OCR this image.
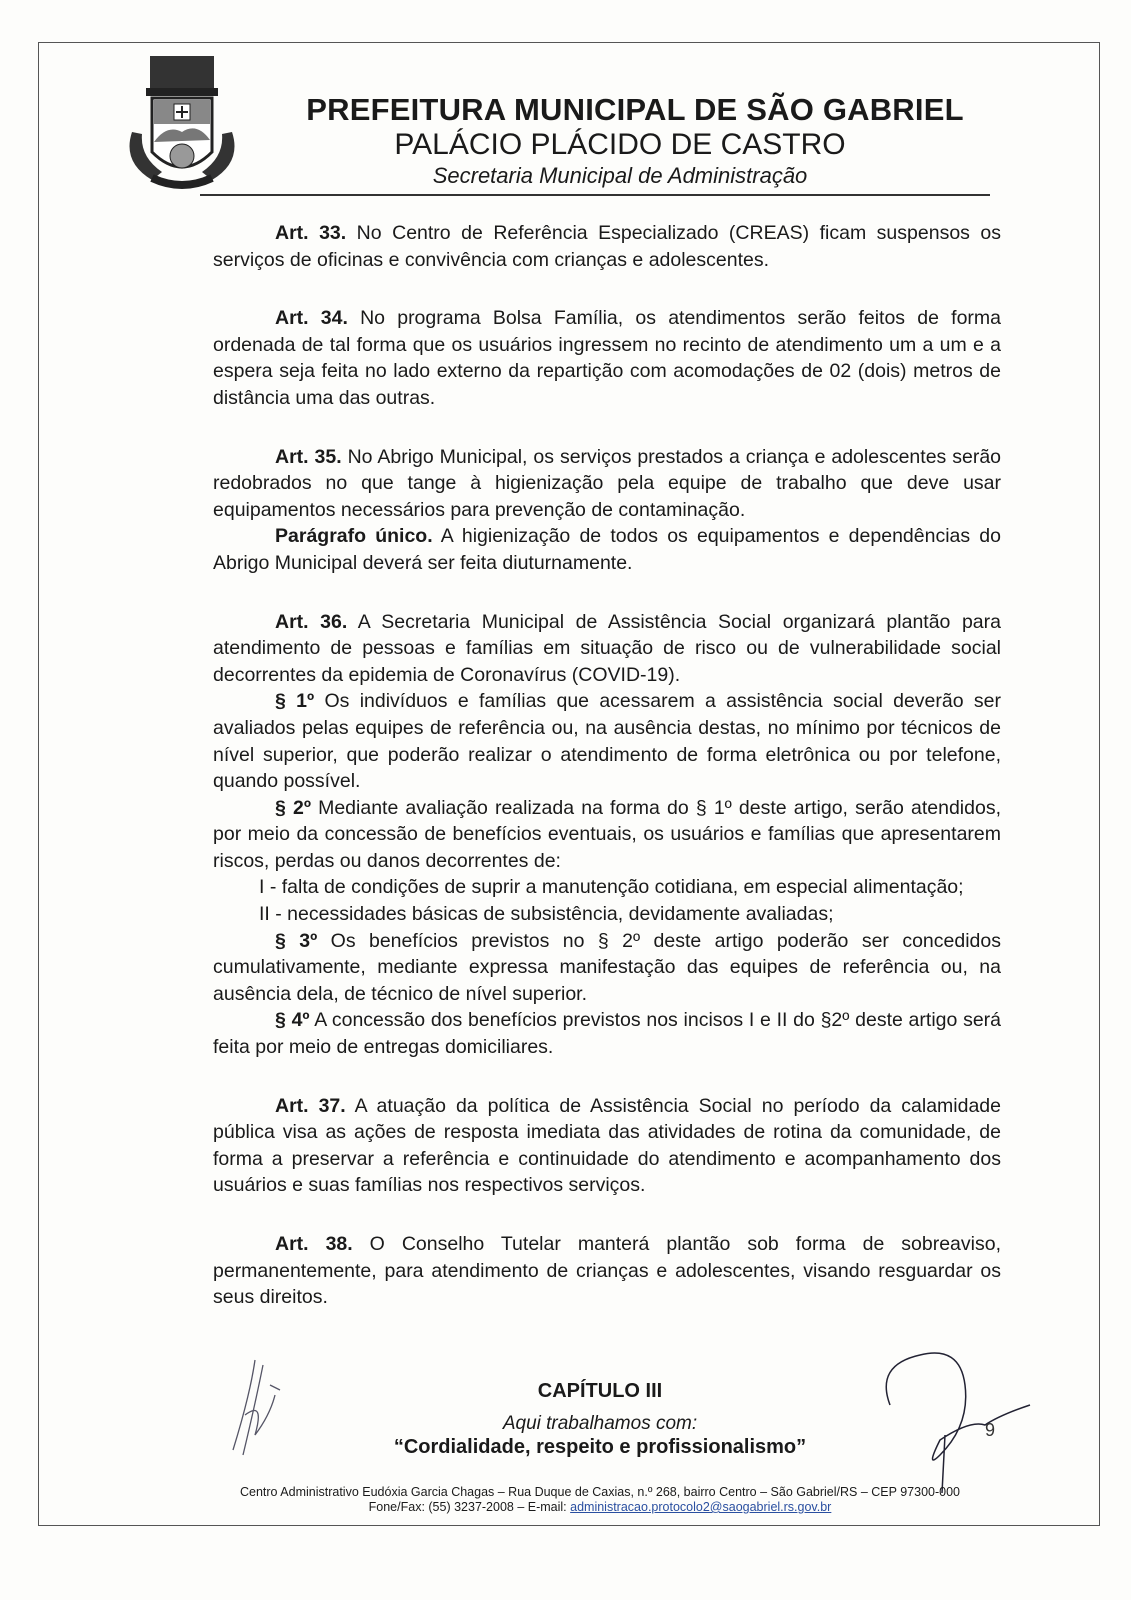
PREFEITURA MUNICIPAL DE SÃO GABRIEL
PALÁCIO PLÁCIDO DE CASTRO
Secretaria Municipal de Administração

Art. 33. No Centro de Referência Especializado (CREAS) ficam suspensos os serviços de oficinas e convivência com crianças e adolescentes.

Art. 34. No programa Bolsa Família, os atendimentos serão feitos de forma ordenada de tal forma que os usuários ingressem no recinto de atendimento um a um e a espera seja feita no lado externo da repartição com acomodações de 02 (dois) metros de distância uma das outras.

Art. 35. No Abrigo Municipal, os serviços prestados a criança e adolescentes serão redobrados no que tange à higienização pela equipe de trabalho que deve usar equipamentos necessários para prevenção de contaminação.

Parágrafo único. A higienização de todos os equipamentos e dependências do Abrigo Municipal deverá ser feita diuturnamente.

Art. 36. A Secretaria Municipal de Assistência Social organizará plantão para atendimento de pessoas e famílias em situação de risco ou de vulnerabilidade social decorrentes da epidemia de Coronavírus (COVID-19).

§ 1º Os indivíduos e famílias que acessarem a assistência social deverão ser avaliados pelas equipes de referência ou, na ausência destas, no mínimo por técnicos de nível superior, que poderão realizar o atendimento de forma eletrônica ou por telefone, quando possível.

§ 2º Mediante avaliação realizada na forma do § 1º deste artigo, serão atendidos, por meio da concessão de benefícios eventuais, os usuários e famílias que apresentarem riscos, perdas ou danos decorrentes de:

I - falta de condições de suprir a manutenção cotidiana, em especial alimentação;

II - necessidades básicas de subsistência, devidamente avaliadas;

§ 3º Os benefícios previstos no § 2º deste artigo poderão ser concedidos cumulativamente, mediante expressa manifestação das equipes de referência ou, na ausência dela, de técnico de nível superior.

§ 4º A concessão dos benefícios previstos nos incisos I e II do §2º deste artigo será feita por meio de entregas domiciliares.

Art. 37. A atuação da política de Assistência Social no período da calamidade pública visa as ações de resposta imediata das atividades de rotina da comunidade, de forma a preservar a referência e continuidade do atendimento e acompanhamento dos usuários e suas famílias nos respectivos serviços.

Art. 38. O Conselho Tutelar manterá plantão sob forma de sobreaviso, permanentemente, para atendimento de crianças e adolescentes, visando resguardar os seus direitos.

9
CAPÍTULO III
Aqui trabalhamos com:
“Cordialidade, respeito e profissionalismo”
Centro Administrativo Eudóxia Garcia Chagas – Rua Duque de Caxias, n.º 268, bairro Centro – São Gabriel/RS – CEP 97300-000
Fone/Fax: (55) 3237-2008 – E-mail: administracao.protocolo2@saogabriel.rs.gov.br
